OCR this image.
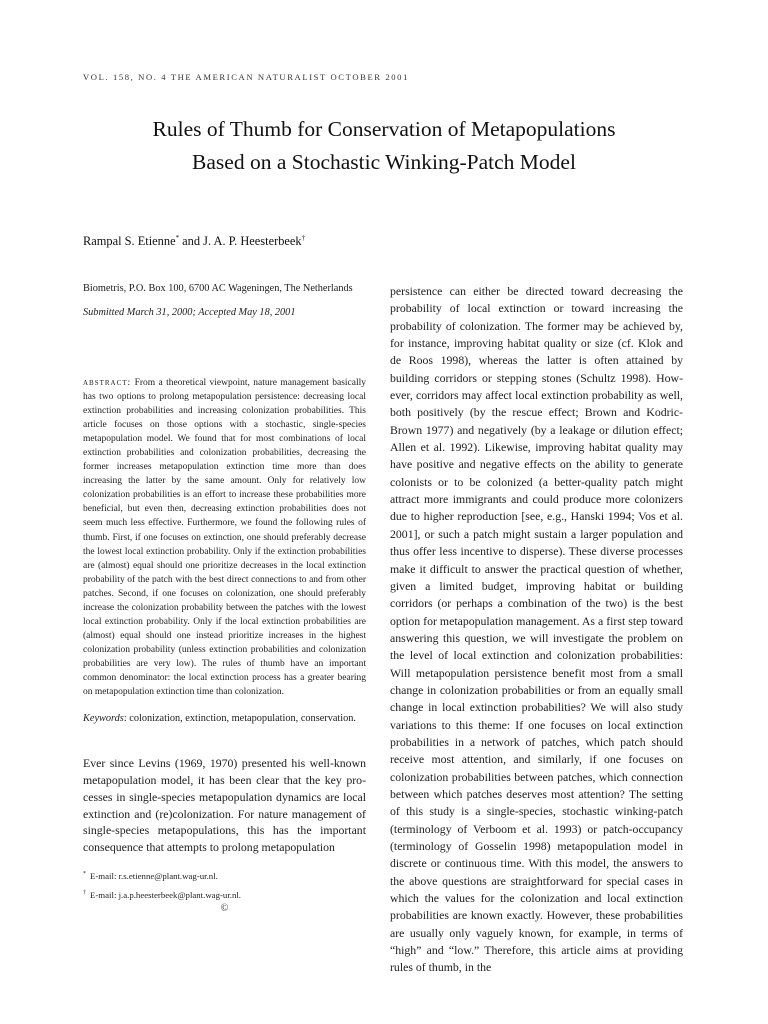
VOL. 158, NO. 4 THE AMERICAN NATURALIST OCTOBER 2001
Rules of Thumb for Conservation of Metapopulations
Based on a Stochastic Winking-Patch Model
Rampal S. Etienne* and J. A. P. Heesterbeek†
Biometris, P.O. Box 100, 6700 AC Wageningen, The Netherlands
Submitted March 31, 2000; Accepted May 18, 2001
abstract: From a theoretical viewpoint, nature management basically has two options to prolong metapopulation persistence: decreasing local extinction probabilities and increasing colonization probabilities. This article focuses on those options with a stochastic, single-species metapopulation model. We found that for most combinations of local extinction probabilities and colonization probabilities, decreasing the former increases metapopulation extinction time more than does increasing the latter by the same amount. Only for relatively low colonization probabilities is an effort to increase these probabilities more beneficial, but even then, decreasing extinction probabilities does not seem much less effective. Furthermore, we found the following rules of thumb. First, if one focuses on extinction, one should preferably decrease the lowest local extinction probability. Only if the extinction probabilities are (almost) equal should one prioritize decreases in the local extinction probability of the patch with the best direct connections to and from other patches. Second, if one focuses on colonization, one should preferably increase the colonization probability between the patches with the lowest local extinction probability. Only if the local extinction probabilities are (almost) equal should one instead prioritize increases in the highest colonization probability (unless extinction probabilities and colonization probabilities are very low). The rules of thumb have an important common denominator: the local extinction process has a greater bearing on metapopulation extinction time than colonization.
Keywords: colonization, extinction, metapopulation, conservation.

Ever since Levins (1969, 1970) presented his well-known metapopulation model, it has been clear that the key processes in single-species metapopulation dynamics are local extinction and (re)colonization. For nature management of single-species metapopulations, this has the important consequence that attempts to prolong metapopulation

* E-mail: r.s.etienne@plant.wag-ur.nl.
† E-mail: j.a.p.heesterbeek@plant.wag-ur.nl.
©

persistence can either be directed toward decreasing the probability of local extinction or toward increasing the probability of colonization. The former may be achieved by, for instance, improving habitat quality or size (cf. Klok and de Roos 1998), whereas the latter is often attained by building corridors or stepping stones (Schultz 1998). However, corridors may affect local extinction probability as well, both positively (by the rescue effect; Brown and Kodric-Brown 1977) and negatively (by a leakage or dilution effect; Allen et al. 1992). Likewise, improving habitat quality may have positive and negative effects on the ability to generate colonists or to be colonized (a better-quality patch might attract more immigrants and could produce more colonizers due to higher reproduction [see, e.g., Hanski 1994; Vos et al. 2001], or such a patch might sustain a larger population and thus offer less incentive to disperse). These diverse processes make it difficult to answer the practical question of whether, given a limited budget, improving habitat or building corridors (or perhaps a combination of the two) is the best option for metapopulation management. As a first step toward answering this question, we will investigate the problem on the level of local extinction and colonization probabilities: Will metapopulation persistence benefit most from a small change in colonization probabilities or from an equally small change in local extinction probabilities? We will also study variations to this theme: If one focuses on local extinction probabilities in a network of patches, which patch should receive most attention, and similarly, if one focuses on colonization probabilities between patches, which connection between which patches deserves most attention? The setting of this study is a single-species, stochastic winking-patch (terminology of Verboom et al. 1993) or patch-occupancy (terminology of Gosselin 1998) metapopulation model in discrete or continuous time. With this model, the answers to the above questions are straightforward for special cases in which the values for the colonization and local extinction probabilities are known exactly. However, these probabilities are usually only vaguely known, for example, in terms of “high” and “low.” Therefore, this article aims at providing rules of thumb, in the
